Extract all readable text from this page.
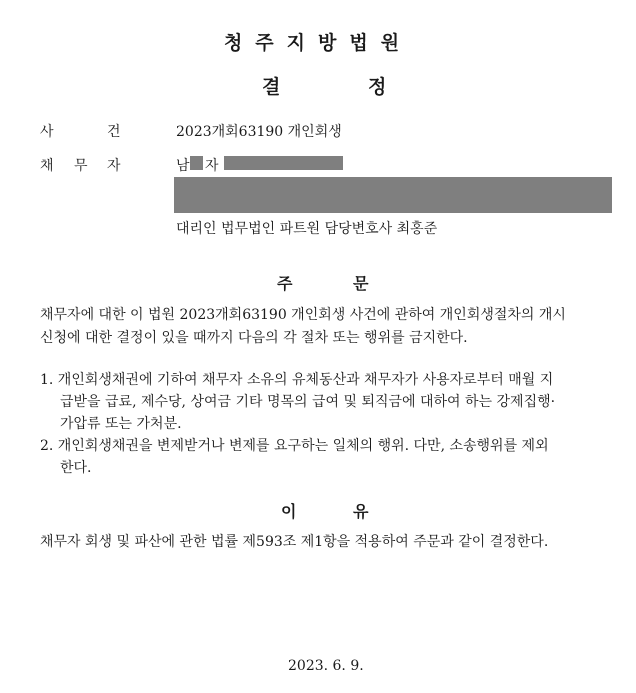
청주지방법원
결	정
사	건	2023개회63190 개인회생
채 무 자	남 자
대리인 법무법인 파트원 담당변호사 최홍준
주	문
채무자에 대한 이 법원 2023개회63190 개인회생 사건에 관하여 개인회생절차의 개시
신청에 대한 결정이 있을 때까지 다음의 각 절차 또는 행위를 금지한다.
1. 개인회생채권에 기하여 채무자 소유의 유체동산과 채무자가 사용자로부터 매월 지
급받을 급료, 제수당, 상여금 기타 명목의 급여 및 퇴직금에 대하여 하는 강제집행·
가압류 또는 가처분.
2. 개인회생채권을 변제받거나 변제를 요구하는 일체의 행위. 다만, 소송행위를 제외
한다.
이	유
채무자 회생 및 파산에 관한 법률 제593조 제1항을 적용하여 주문과 같이 결정한다.
2023. 6. 9.
